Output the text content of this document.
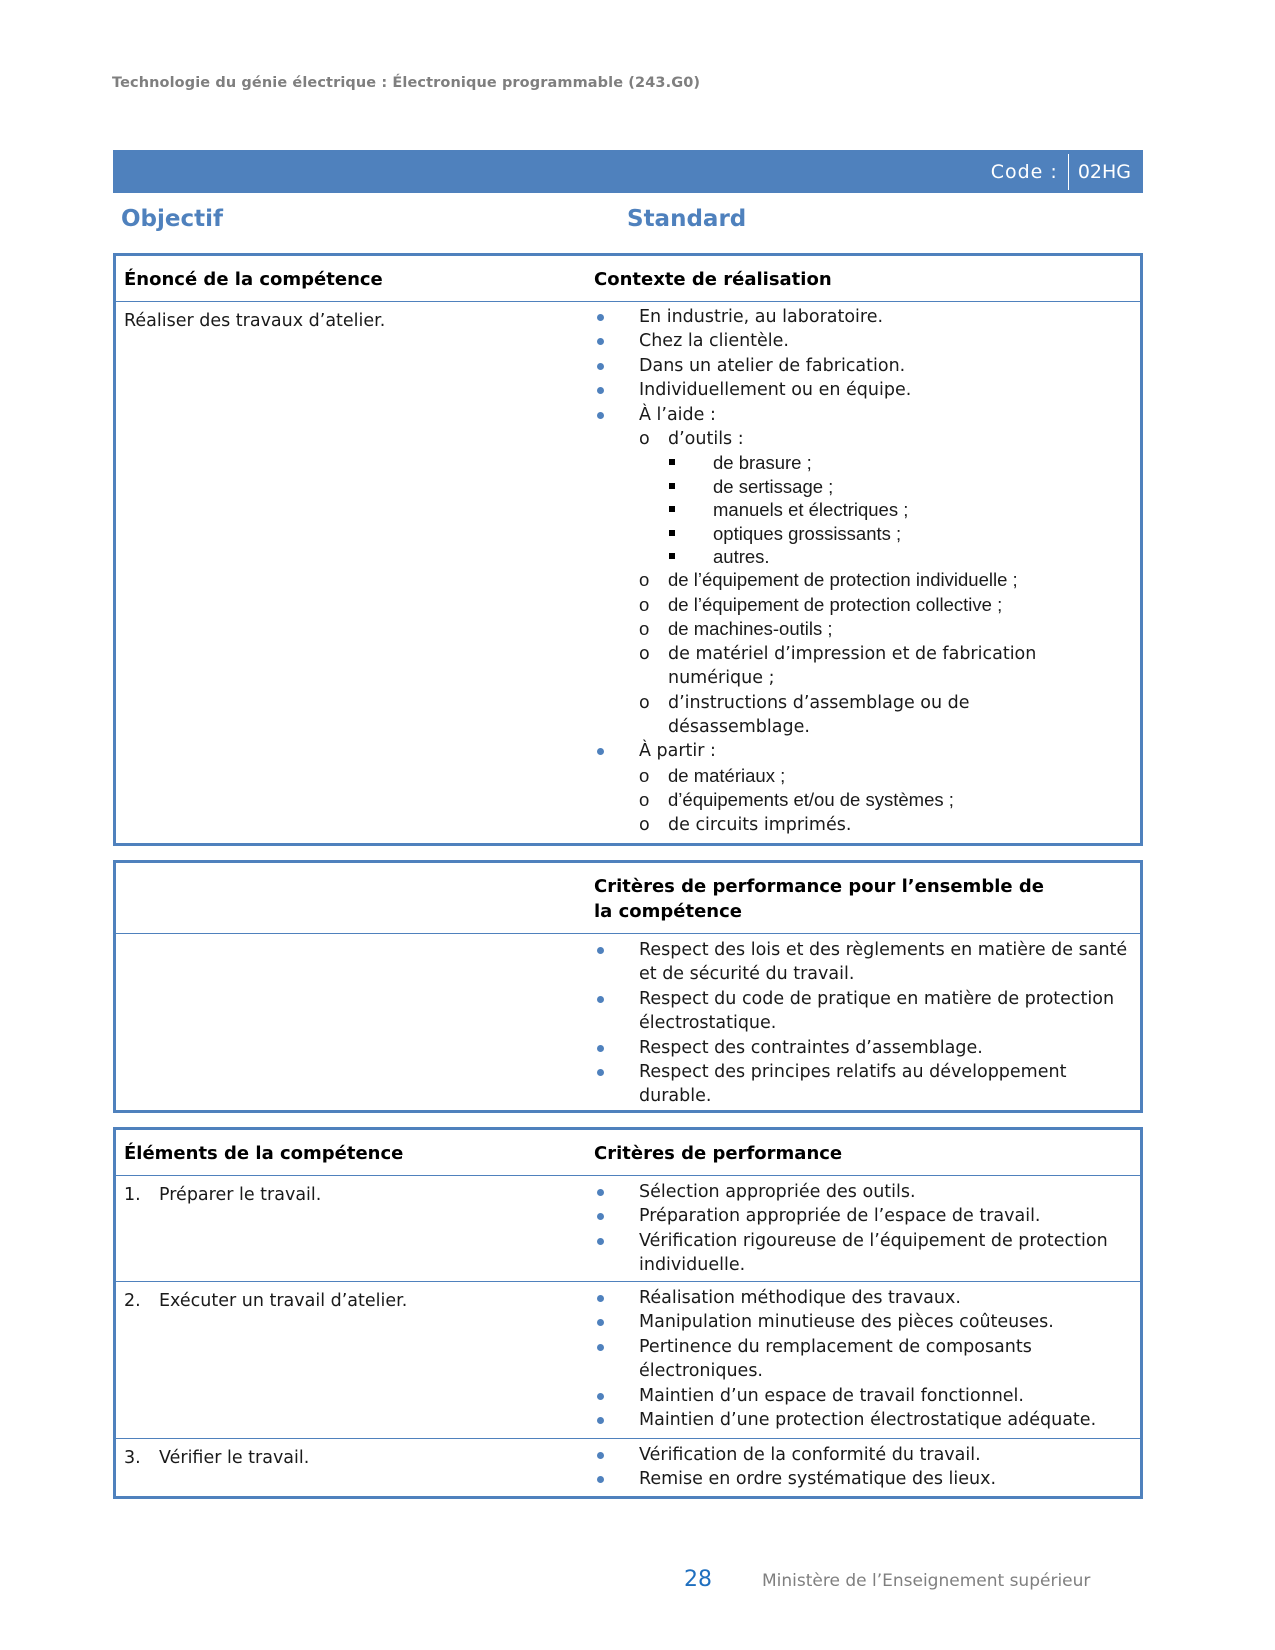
Technologie du génie électrique : Électronique programmable (243.G0)
Code :	02HG
Objectif	Standard
Énoncé de la compétence	Contexte de réalisation
Réaliser des travaux d’atelier.	En industrie, au laboratoire.
Chez la clientèle.
Dans un atelier de fabrication.
Individuellement ou en équipe.
À l’aide :
o d’outils :
de brasure ;
de sertissage ;
manuels et électriques ;
optiques grossissants ;
autres.
o de l’équipement de protection individuelle ;
o de l’équipement de protection collective ;
o de machines-outils ;
o de matériel d’impression et de fabrication numérique ;
o d’instructions d’assemblage ou de désassemblage.
À partir :
o de matériaux ;
o d’équipements et/ou de systèmes ;
o de circuits imprimés.
Critères de performance pour l’ensemble de la compétence
Respect des lois et des règlements en matière de santé et de sécurité du travail.
Respect du code de pratique en matière de protection électrostatique.
Respect des contraintes d’assemblage.
Respect des principes relatifs au développement durable.
Éléments de la compétence	Critères de performance
1. Préparer le travail.	Sélection appropriée des outils.
Préparation appropriée de l’espace de travail.
Vérification rigoureuse de l’équipement de protection individuelle.
2. Exécuter un travail d’atelier.	Réalisation méthodique des travaux.
Manipulation minutieuse des pièces coûteuses.
Pertinence du remplacement de composants électroniques.
Maintien d’un espace de travail fonctionnel.
Maintien d’une protection électrostatique adéquate.
3. Vérifier le travail.	Vérification de la conformité du travail.
Remise en ordre systématique des lieux.
28	Ministère de l’Enseignement supérieur
